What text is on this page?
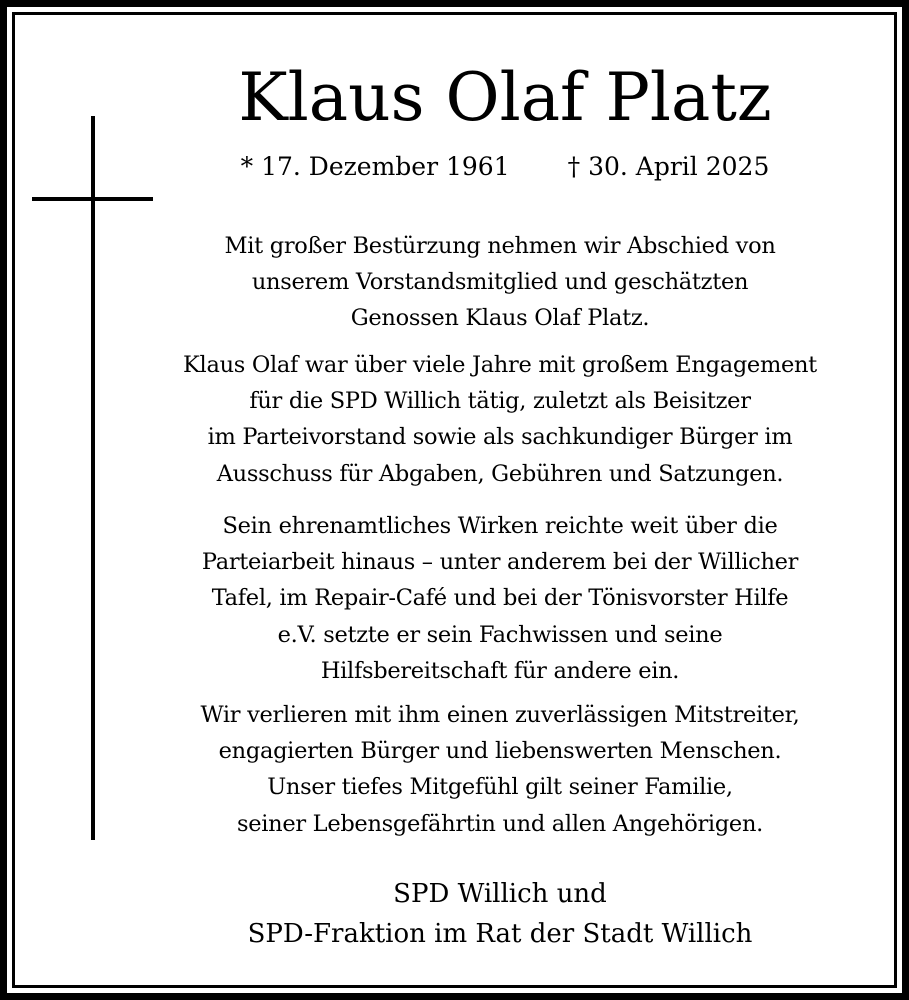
Klaus Olaf Platz
* 17. Dezember 1961 † 30. April 2025
Mit großer Bestürzung nehmen wir Abschied von
unserem Vorstandsmitglied und geschätzten
Genossen Klaus Olaf Platz.
Klaus Olaf war über viele Jahre mit großem Engagement
für die SPD Willich tätig, zuletzt als Beisitzer
im Parteivorstand sowie als sachkundiger Bürger im
Ausschuss für Abgaben, Gebühren und Satzungen.
Sein ehrenamtliches Wirken reichte weit über die
Parteiarbeit hinaus – unter anderem bei der Willicher
Tafel, im Repair-Café und bei der Tönisvorster Hilfe
e.V. setzte er sein Fachwissen und seine
Hilfsbereitschaft für andere ein.
Wir verlieren mit ihm einen zuverlässigen Mitstreiter,
engagierten Bürger und liebenswerten Menschen.
Unser tiefes Mitgefühl gilt seiner Familie,
seiner Lebensgefährtin und allen Angehörigen.
SPD Willich und
SPD-Fraktion im Rat der Stadt Willich
